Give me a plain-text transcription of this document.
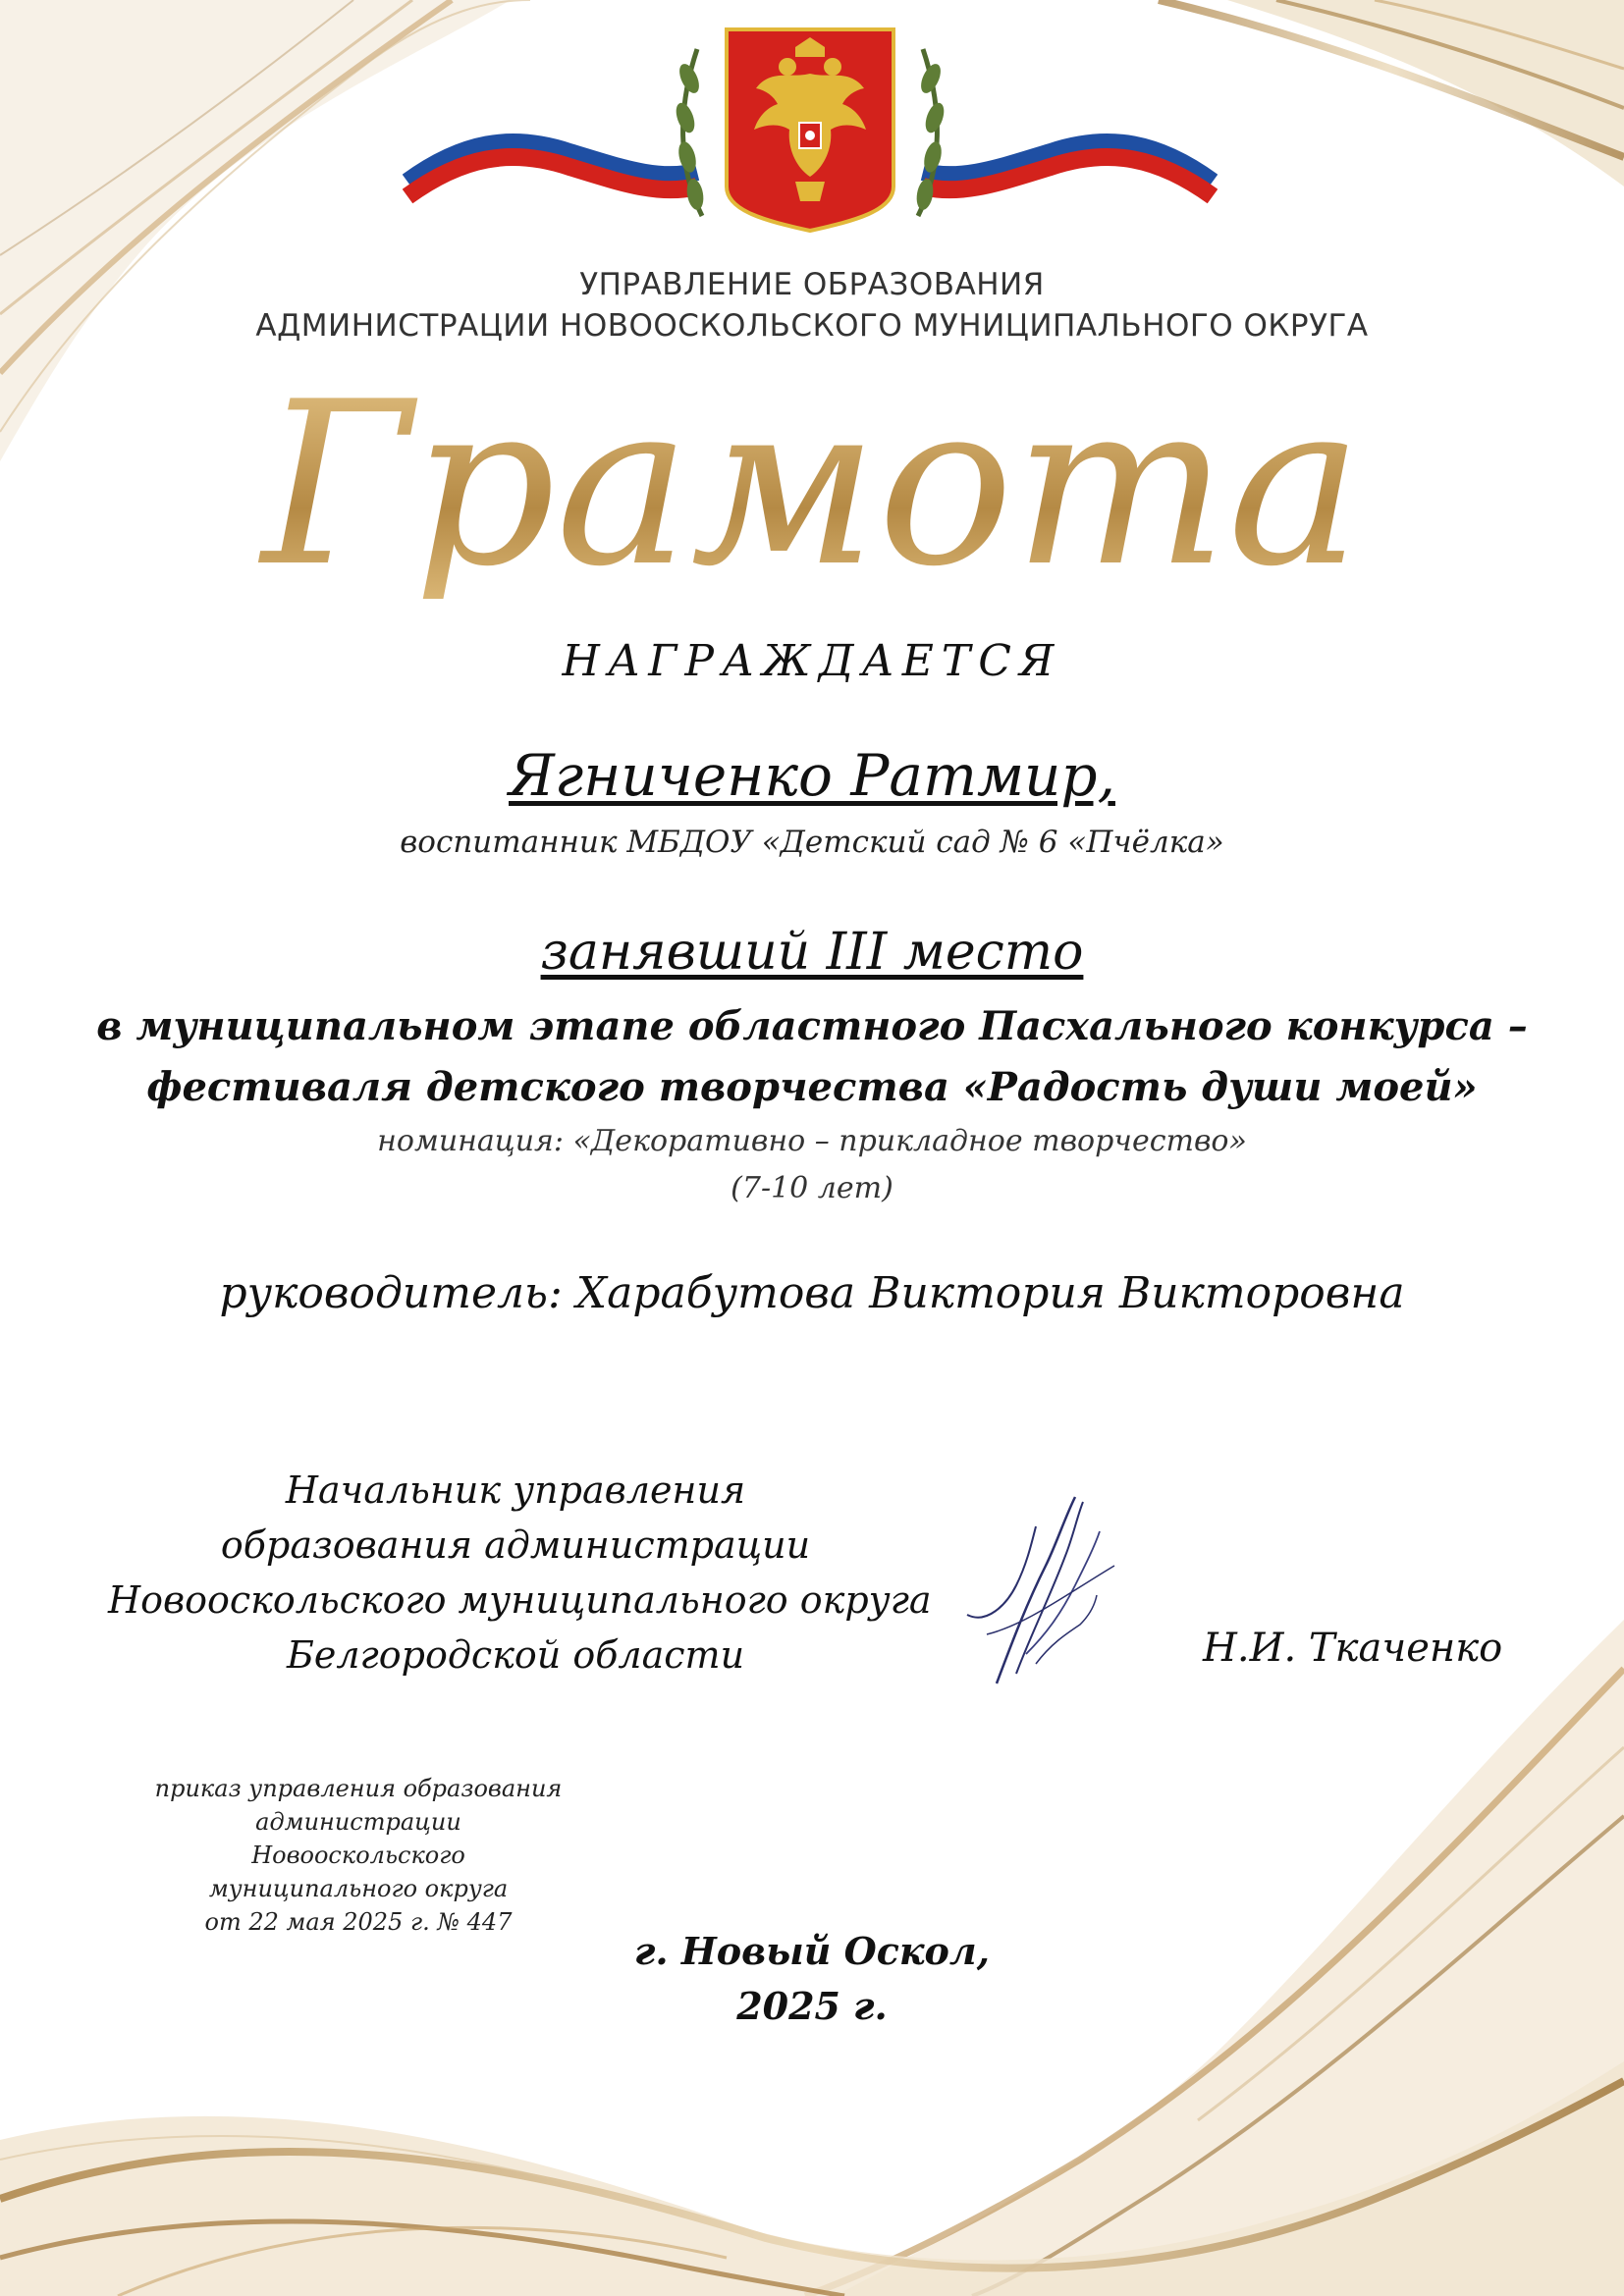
УПРАВЛЕНИЕ ОБРАЗОВАНИЯ
АДМИНИСТРАЦИИ НОВООСКОЛЬСКОГО МУНИЦИПАЛЬНОГО ОКРУГА
Грамота
НАГРАЖДАЕТСЯ
Ягниченко Ратмир,
воспитанник МБДОУ «Детский сад № 6 «Пчёлка»
занявший III место
в муниципальном этапе областного Пасхального конкурса –
фестиваля детского творчества «Радость души моей»
номинация: «Декоративно – прикладное творчество»
(7-10 лет)
руководитель: Харабутова Виктория Викторовна
Начальник управления
образования администрации
Новооскольского муниципального округа
Белгородской области	Н.И. Ткаченко
приказ управления образования
администрации Новооскольского
муниципального округа
от 22 мая 2025 г. № 447
г. Новый Оскол,
2025 г.
